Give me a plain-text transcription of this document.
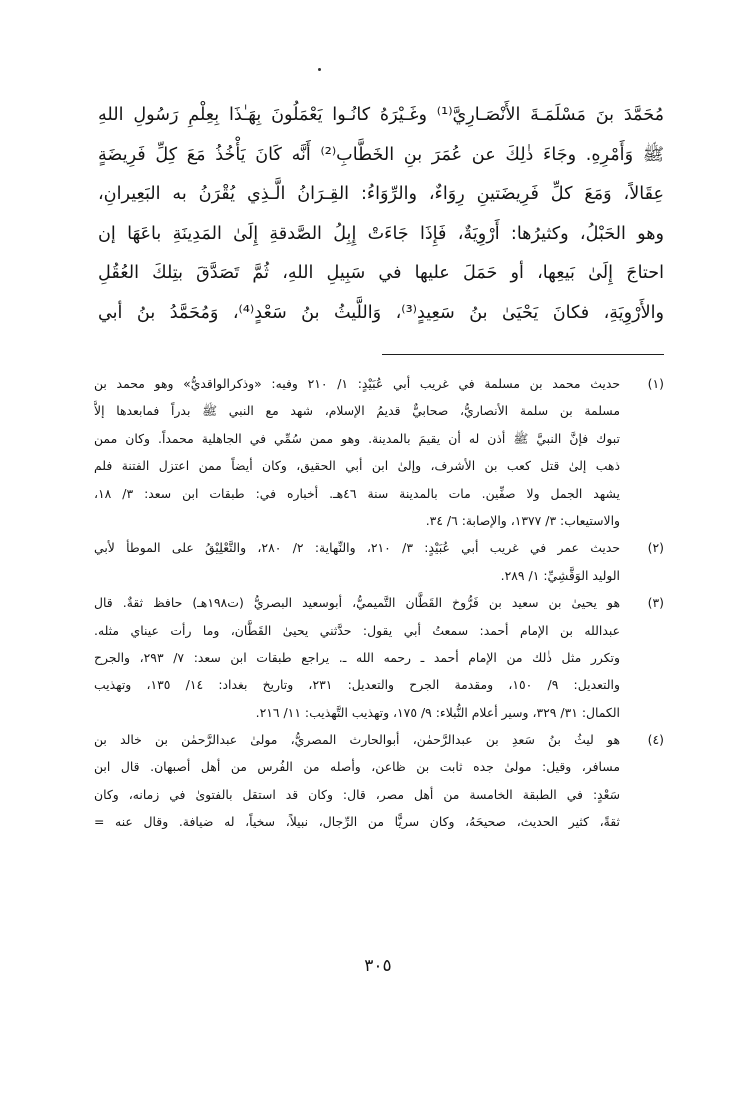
مُحَمَّدَ بنَ مَسْلَمَـةَ الأَنْصَـارِيَّ⁽¹⁾ وغَـيْرَهُ كانُـوا يَعْمَلُونَ بِهَـٰذَا بِعِلْمِ رَسُولِ اللهِ
ﷺ وَأَمْرِهِ. وجَاءَ ذٰلِكَ عن عُمَرَ بنِ الخَطَّابِ⁽²⁾ أَنَّه كَانَ يَأْخُذُ مَعَ كِلِّ فَرِيضَةٍ
عِقَالاً، وَمَعَ كلِّ فَرِيضَتينِ رِوَاءٌ، والرِّوَاءُ: القِـرَانُ الَّـذِي يُقْرَنُ به البَعِيرانِ،
وهو الحَبْلُ، وكثيرُها: أَرْوِيَةٌ، فَإِذَا جَاءَتْ إِبِلُ الصَّدقةِ إِلَىٰ المَدِينَةِ باعَهَا إن
احتاجَ إِلَىٰ بَيعِها، أو حَمَلَ عليها في سَبِيلِ اللهِ، ثُمَّ تَصَدَّقَ بتِلكَ العُقُلِ
والأَرْوِيَةِ، فكانَ يَحْيَىٰ بنُ سَعِيدٍ⁽³⁾، وَاللَّيثُ بنُ سَعْدٍ⁽⁴⁾، وَمُحَمَّدُ بنُ أبي
(١)
حديث محمد بن مسلمة في غريب أبي عُبَيْدٍ: ١/ ٢١٠ وفيه: «وذكرالواقديُّ» وهو محمد بن
مسلمة بن سلمة الأنصاريُّ، صحابيٌّ قديمُ الإسلام، شهد مع النبي ﷺ بدراً فمابعدها إلاَّ
تبوك فإنَّ النبيَّ ﷺ أذن له أن يقيمَ بالمدينة. وهو ممن سُمِّي في الجاهلية محمداً. وكان ممن
ذهب إلىٰ قتل كعب بن الأشرف، وإلىٰ ابن أبي الحقيق، وكان أيضاً ممن اعتزل الفتنة فلم
يشهد الجمل ولا صفِّين. مات بالمدينة سنة ٤٦هـ. أخباره في: طبقات ابن سعد: ٣/ ١٨،
والاستيعاب: ٣/ ١٣٧٧، والإصابة: ٦/ ٣٤.
(٢)
حديث عمر في غريب أبي عُبَيْدٍ: ٣/ ٢١٠، والنِّهاية: ٢/ ٢٨٠، والتَّعْلِيْقُ على الموطأ لأبي
الوليد الوَقَّشِيِّ: ١/ ٢٨٩.
(٣)
هو يحيىٰ بن سعيد بن فَرُّوخ القَطَّان التَّميميُّ، أبوسعيد البصريُّ (ت١٩٨هـ) حافظ ثقةٌ. قال
عبدالله بن الإمام أحمد: سمعتُ أبي يقول: حدَّثني يحيىٰ القَطَّان، وما رأت عيناي مثله.
وتكرر مثل ذٰلك من الإمام أحمد ـ رحمه الله ـ. يراجع طبقات ابن سعد: ٧/ ٢٩٣، والجرح
والتعديل: ٩/ ١٥٠، ومقدمة الجرح والتعديل: ٢٣١، وتاريخ بغداد: ١٤/ ١٣٥، وتهذيب
الكمال: ٣١/ ٣٢٩، وسير أعلام النُّبلاء: ٩/ ١٧٥، وتهذيب التَّهذيب: ١١/ ٢١٦.
(٤)
هو ليثُ بنُ سَعدِ بن عبدالرَّحمٰن، أبوالحارث المصريُّ، مولىٰ عبدالرَّحمٰن بن خالد بن
مسافر، وقيل: مولىٰ جده ثابت بن ظاعن، وأصله من الفُرس من أهل أصبهان. قال ابن
سَعْدٍ: في الطبقة الخامسة من أهل مصر، قال: وكان قد استقل بالفتوىٰ في زمانه، وكان
ثقةً، كثير الحديث، صحيحَهُ، وكان سريًّا من الرِّجال، نبيلاً، سخياً، له ضيافة. وقال عنه =
٣٠٥
